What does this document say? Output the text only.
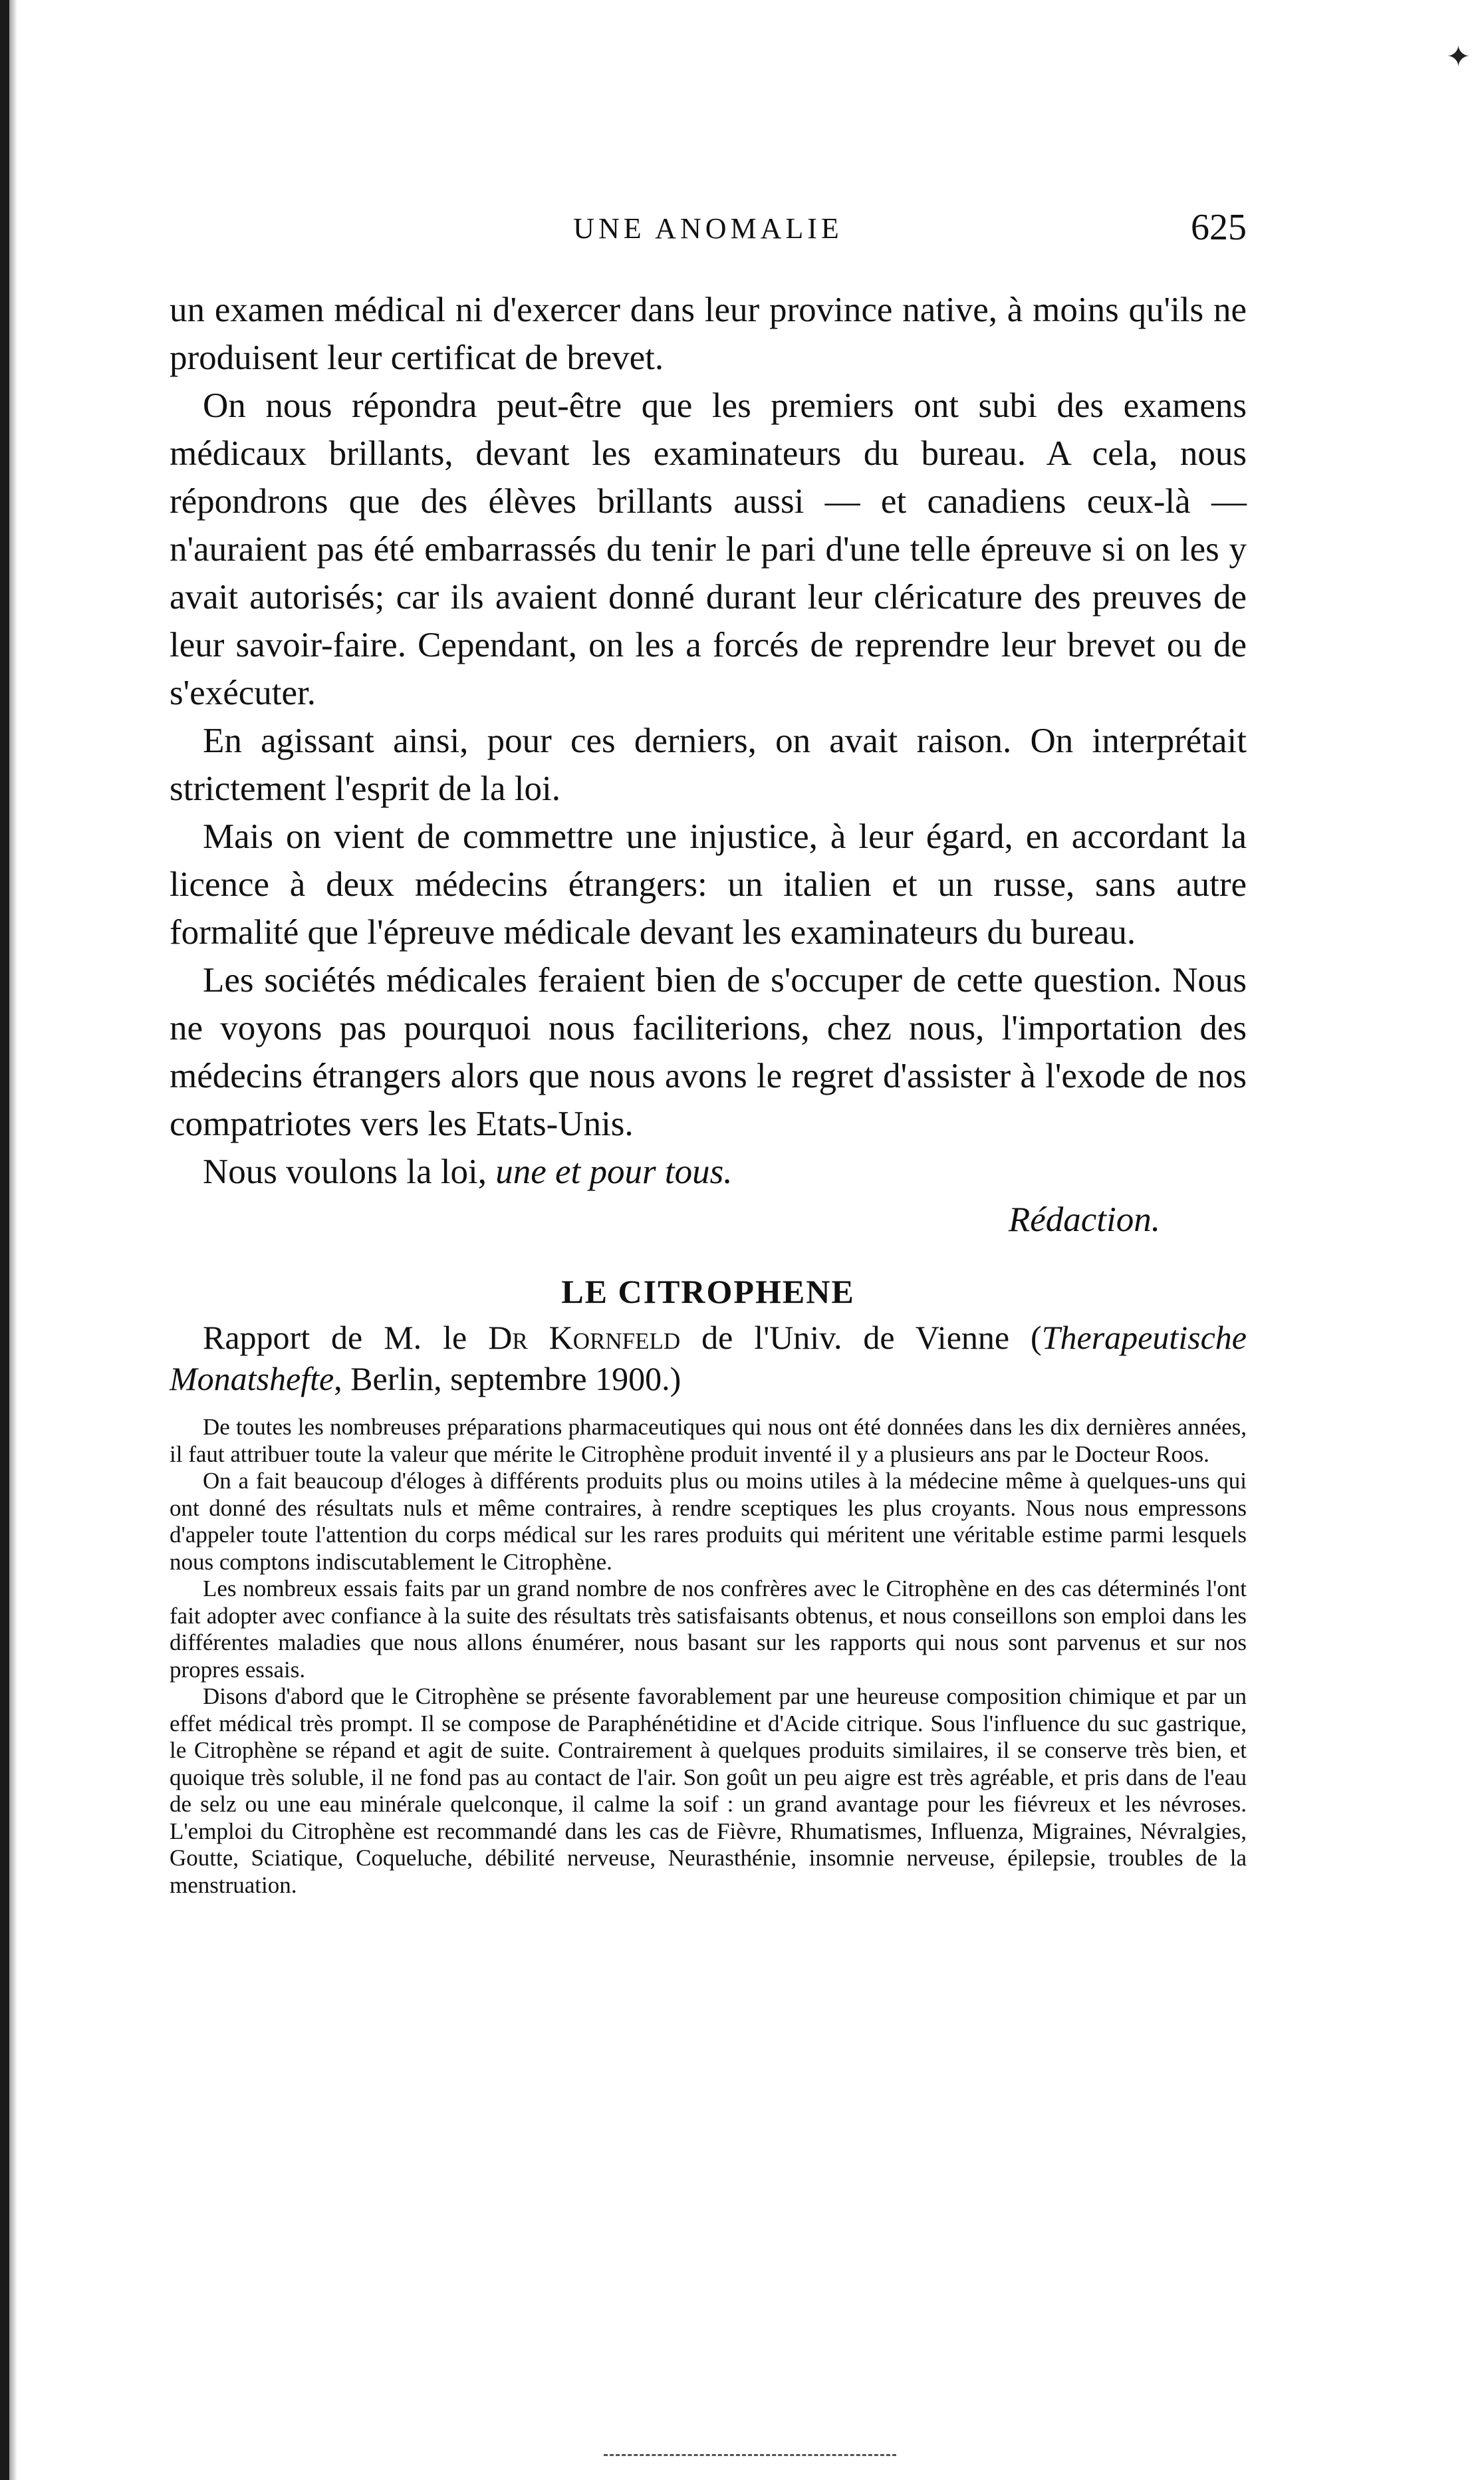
✦
UNE ANOMALIE	625

un examen médical ni d'exercer dans leur province native, à moins qu'ils ne produisent leur certificat de brevet.

On nous répondra peut-être que les premiers ont subi des examens médicaux brillants, devant les examinateurs du bureau. A cela, nous répondrons que des élèves brillants aussi — et canadiens ceux-là — n'auraient pas été embarrassés du tenir le pari d'une telle épreuve si on les y avait autorisés; car ils avaient donné durant leur cléricature des preuves de leur savoir-faire. Cependant, on les a forcés de reprendre leur brevet ou de s'exécuter.

En agissant ainsi, pour ces derniers, on avait raison. On interprétait strictement l'esprit de la loi.

Mais on vient de commettre une injustice, à leur égard, en accordant la licence à deux médecins étrangers: un italien et un russe, sans autre formalité que l'épreuve médicale devant les examinateurs du bureau.

Les sociétés médicales feraient bien de s'occuper de cette question. Nous ne voyons pas pourquoi nous faciliterions, chez nous, l'importation des médecins étrangers alors que nous avons le regret d'assister à l'exode de nos compatriotes vers les Etats-Unis.

Nous voulons la loi, une et pour tous.

Rédaction.
LE CITROPHENE
Rapport de M. le Dr Kornfeld de l'Univ. de Vienne (Therapeutische Monatshefte, Berlin, septembre 1900.)

De toutes les nombreuses préparations pharmaceutiques qui nous ont été données dans les dix dernières années, il faut attribuer toute la valeur que mérite le Citrophène produit inventé il y a plusieurs ans par le Docteur Roos.

On a fait beaucoup d'éloges à différents produits plus ou moins utiles à la médecine même à quelques-uns qui ont donné des résultats nuls et même contraires, à rendre sceptiques les plus croyants. Nous nous empressons d'appeler toute l'attention du corps médical sur les rares produits qui méritent une véritable estime parmi lesquels nous comptons indiscutablement le Citrophène.

Les nombreux essais faits par un grand nombre de nos confrères avec le Citrophène en des cas déterminés l'ont fait adopter avec confiance à la suite des résultats très satisfaisants obtenus, et nous conseillons son emploi dans les différentes maladies que nous allons énumérer, nous basant sur les rapports qui nous sont parvenus et sur nos propres essais.

Disons d'abord que le Citrophène se présente favorablement par une heureuse composition chimique et par un effet médical très prompt. Il se compose de Paraphénétidine et d'Acide citrique. Sous l'influence du suc gastrique, le Citrophène se répand et agit de suite. Contrairement à quelques produits similaires, il se conserve très bien, et quoique très soluble, il ne fond pas au contact de l'air. Son goût un peu aigre est très agréable, et pris dans de l'eau de selz ou une eau minérale quelconque, il calme la soif : un grand avantage pour les fiévreux et les névroses. L'emploi du Citrophène est recommandé dans les cas de Fièvre, Rhumatismes, Influenza, Migraines, Névralgies, Goutte, Sciatique, Coqueluche, débilité nerveuse, Neurasthénie, insomnie nerveuse, épilepsie, troubles de la menstruation.
